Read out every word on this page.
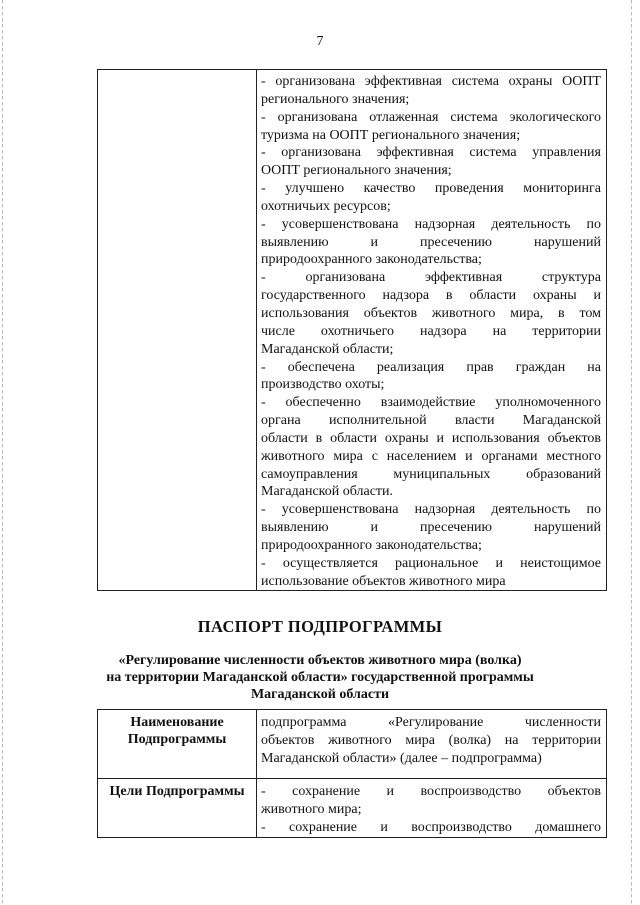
7

- организована эффективная система охраны ООПТ
регионального значения;
- организована отлаженная система экологического
туризма на ООПТ регионального значения;
- организована эффективная система управления
ООПТ регионального значения;
- улучшено качество проведения мониторинга
охотничьих ресурсов;
- усовершенствована надзорная деятельность по
выявлению и пресечению нарушений
природоохранного законодательства;
- организована эффективная структура
государственного надзора в области охраны и
использования объектов животного мира, в том
числе охотничьего надзора на территории
Магаданской области;
- обеспечена реализация прав граждан на
производство охоты;
- обеспеченно взаимодействие уполномоченного
органа исполнительной власти Магаданской
области в области охраны и использования объектов
животного мира с населением и органами местного
самоуправления муниципальных образований
Магаданской области.
- усовершенствована надзорная деятельность по
выявлению и пресечению нарушений
природоохранного законодательства;
- осуществляется рациональное и неистощимое
использование объектов животного мира
ПАСПОРТ ПОДПРОГРАММЫ
«Регулирование численности объектов животного мира (волка)
на территории Магаданской области» государственной программы
Магаданской области
Наименование
Подпрограммы	подпрограмма «Регулирование численности
объектов животного мира (волка) на территории
Магаданской области» (далее – подпрограмма)

Цели Подпрограммы	- сохранение и воспроизводство объектов
животного мира;
- сохранение и воспроизводство домашнего
